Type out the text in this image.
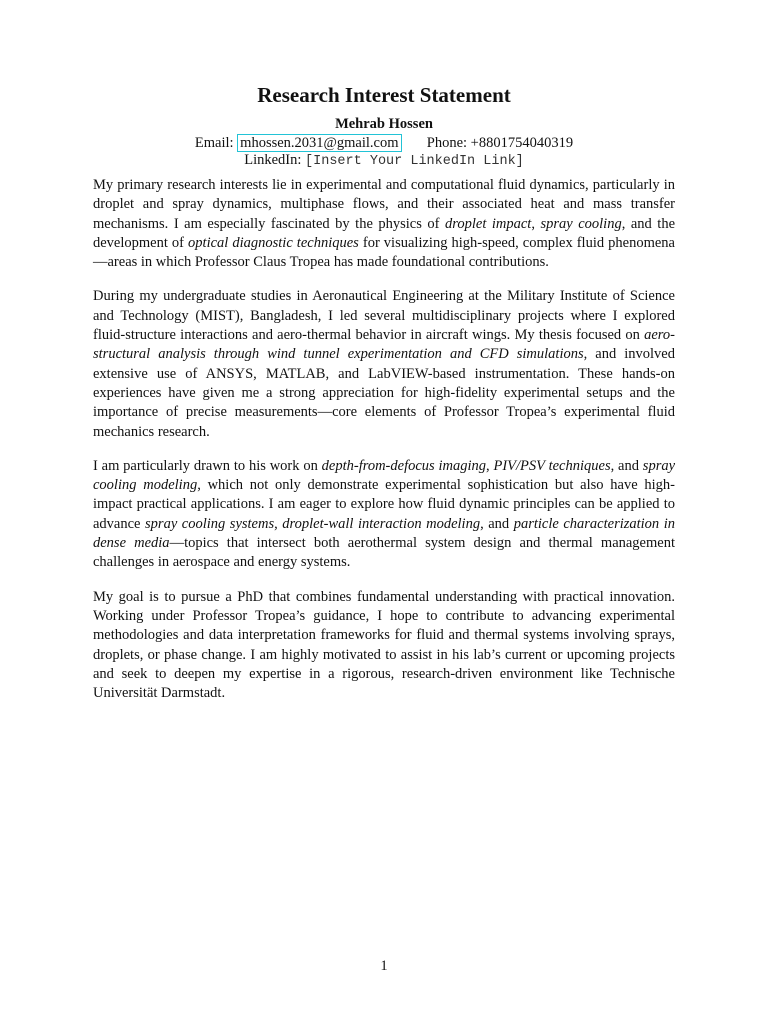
Research Interest Statement
Mehrab Hossen
Email: mhossen.2031@gmail.com Phone: +8801754040319
LinkedIn: [Insert Your LinkedIn Link]

My primary research interests lie in experimental and computational fluid dynamics, particularly in droplet and spray dynamics, multiphase flows, and their associated heat and mass transfer mechanisms. I am especially fascinated by the physics of droplet impact, spray cooling, and the development of optical diagnostic techniques for visualizing high-speed, complex fluid phenomena—areas in which Professor Claus Tropea has made foundational contributions.

During my undergraduate studies in Aeronautical Engineering at the Military Institute of Science and Technology (MIST), Bangladesh, I led several multidisciplinary projects where I explored fluid-structure interactions and aero-thermal behavior in aircraft wings. My thesis focused on aero-structural analysis through wind tunnel experimentation and CFD simulations, and involved extensive use of ANSYS, MATLAB, and LabVIEW-based instrumentation. These hands-on experiences have given me a strong appreciation for high-fidelity experimental setups and the importance of precise measurements—core elements of Professor Tropea’s experimental fluid mechanics research.

I am particularly drawn to his work on depth-from-defocus imaging, PIV/PSV techniques, and spray cooling modeling, which not only demonstrate experimental sophistication but also have high-impact practical applications. I am eager to explore how fluid dynamic principles can be applied to advance spray cooling systems, droplet-wall interaction modeling, and particle characterization in dense media—topics that intersect both aerothermal system design and thermal management challenges in aerospace and energy systems.

My goal is to pursue a PhD that combines fundamental understanding with practical innovation. Working under Professor Tropea’s guidance, I hope to contribute to advancing experimental methodologies and data interpretation frameworks for fluid and thermal systems involving sprays, droplets, or phase change. I am highly motivated to assist in his lab’s current or upcoming projects and seek to deepen my expertise in a rigorous, research-driven environment like Technische Universität Darmstadt.

1
